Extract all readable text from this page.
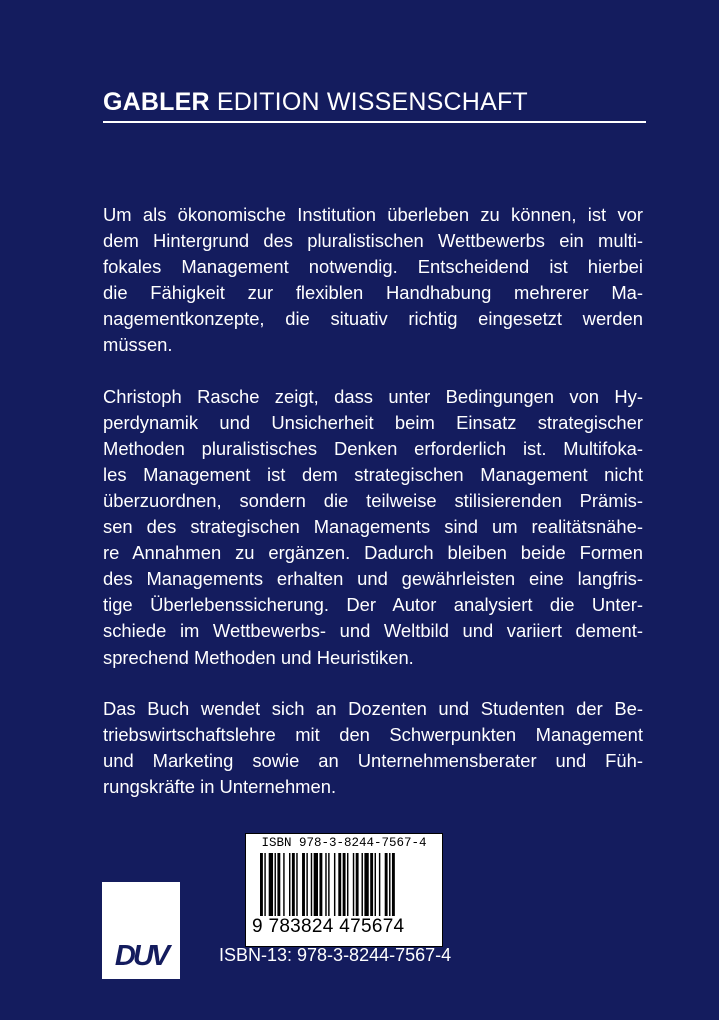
GABLER EDITION WISSENSCHAFT

Um als ökonomische Institution überleben zu können, ist vor
dem Hintergrund des pluralistischen Wettbewerbs ein multi-
fokales Management notwendig. Entscheidend ist hierbei
die Fähigkeit zur flexiblen Handhabung mehrerer Ma-
nagementkonzepte, die situativ richtig eingesetzt werden
müssen.

Christoph Rasche zeigt, dass unter Bedingungen von Hy-
perdynamik und Unsicherheit beim Einsatz strategischer
Methoden pluralistisches Denken erforderlich ist. Multifoka-
les Management ist dem strategischen Management nicht
überzuordnen, sondern die teilweise stilisierenden Prämis-
sen des strategischen Managements sind um realitätsnähe-
re Annahmen zu ergänzen. Dadurch bleiben beide Formen
des Managements erhalten und gewährleisten eine langfris-
tige Überlebenssicherung. Der Autor analysiert die Unter-
schiede im Wettbewerbs- und Weltbild und variiert dement-
sprechend Methoden und Heuristiken.

Das Buch wendet sich an Dozenten und Studenten der Be-
triebswirtschaftslehre mit den Schwerpunkten Management
und Marketing sowie an Unternehmensberater und Füh-
rungskräfte in Unternehmen.

ISBN 978-3-8244-7567-4
9 783824 475674
DUV	ISBN-13: 978-3-8244-7567-4
